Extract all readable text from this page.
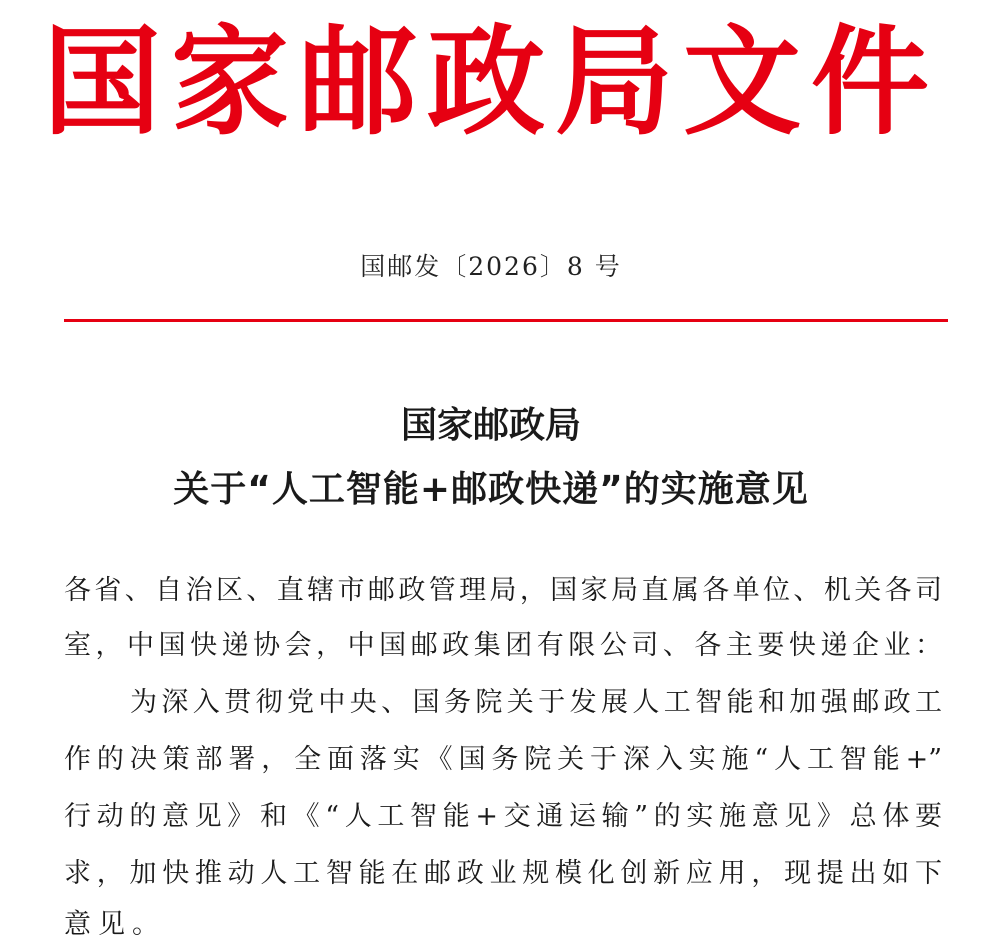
国家邮政局文件
国邮发〔2026〕8 号
国家邮政局
关于“人工智能+邮政快递”的实施意见
各省、自治区、直辖市邮政管理局，国家局直属各单位、机关各司
室，中国快递协会，中国邮政集团有限公司、各主要快递企业：
为深入贯彻党中央、国务院关于发展人工智能和加强邮政工
作的决策部署，全面落实《国务院关于深入实施“人工智能+”
行动的意见》和《“人工智能+交通运输”的实施意见》总体要
求，加快推动人工智能在邮政业规模化创新应用，现提出如下
意见。
